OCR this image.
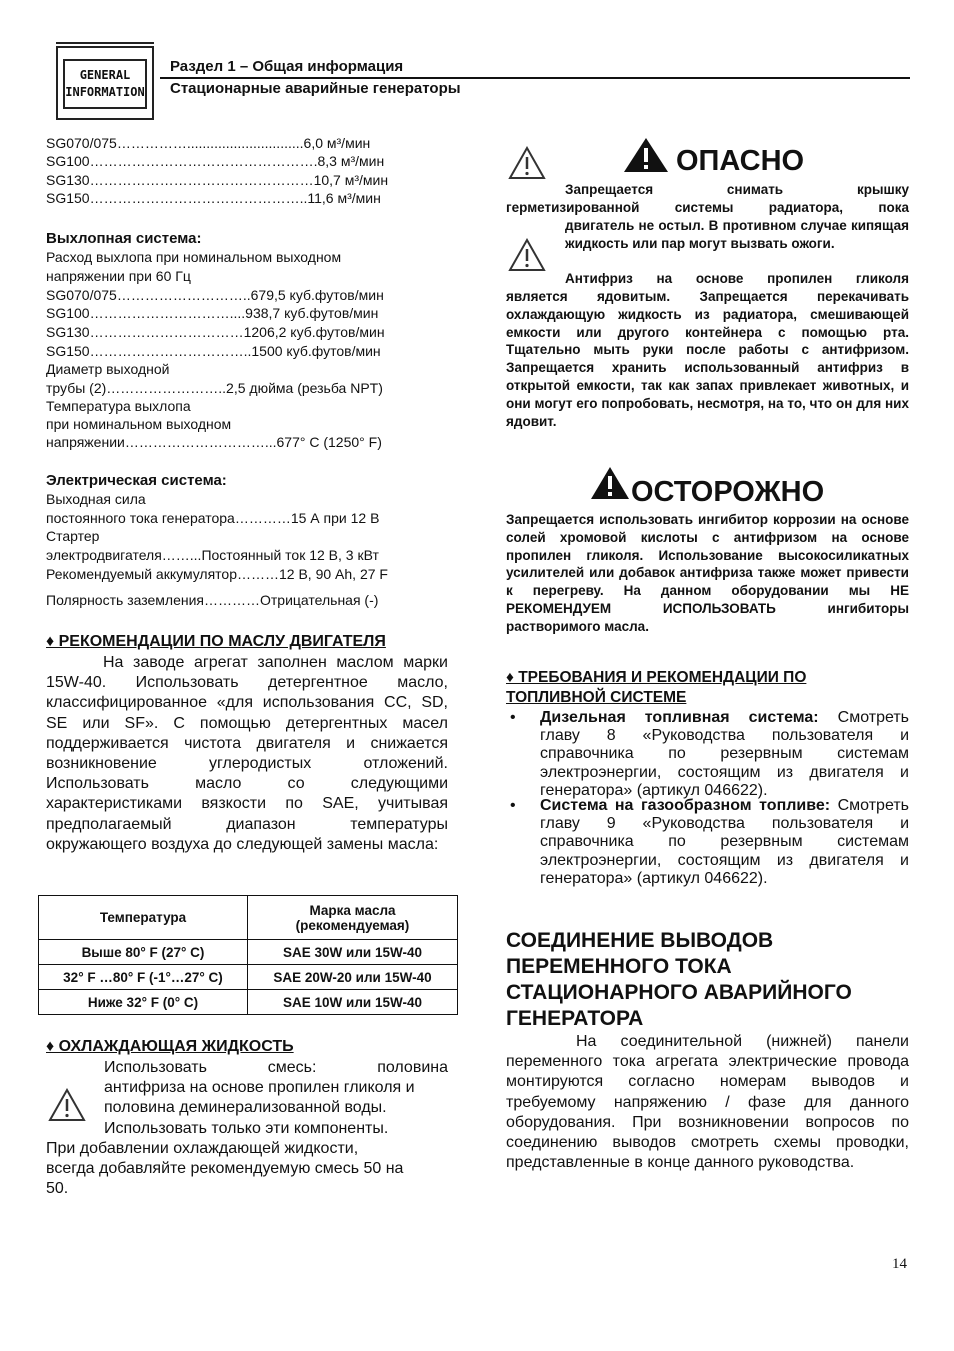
GENERAL
INFORMATION
Раздел 1 – Общая информация
Стационарные аварийные генераторы
SG070/075……………..............................6,0 м³/мин
SG100………………………………………….8,3 м³/мин
SG130…………………………………………10,7 м³/мин
SG150………………………………………..11,6 м³/мин
Выхлопная система:
Расход выхлопа при номинальном выходном
напряжении при 60 Гц
SG070/075………………………..679,5 куб.футов/мин
SG100…………………………....938,7 куб.футов/мин
SG130……………………………1206,2 куб.футов/мин
SG150……………………………..1500 куб.футов/мин
Диаметр выходной
трубы (2)……………………..2,5 дюйма (резьба NPT)
Температура выхлопа
при номинальном выходном
напряжении…………………………...677° С (1250° F)
Электрическая система:
Выходная сила
постоянного тока генератора…………15 А при 12 В
Стартер
электродвигателя……...Постоянный ток 12 В, 3 кВт
Рекомендуемый аккумулятор………12 В, 90 Ah, 27 F
Полярность заземления…………Отрицательная (-)
♦ РЕКОМЕНДАЦИИ ПО МАСЛУ ДВИГАТЕЛЯ
На заводе агрегат заполнен маслом марки 15W-40. Использовать детергентное масло, классифицированное «для использования CC, SD, SE или SF». С помощью детергентных масел поддерживается чистота двигателя и снижается возникновение углеродистых отложений. Использовать масло со следующими характеристиками вязкости по SAE, учитывая предполагаемый диапазон температуры окружающего воздуха до следующей замены масла:
Температура	Марка масла (рекомендуемая)
Выше 80° F (27° C)	SAE 30W или 15W-40
32° F …80° F (-1°…27° C)	SAE 20W-20 или 15W-40
Ниже 32° F (0° C)	SAE 10W или 15W-40
♦ ОХЛАЖДАЮЩАЯ ЖИДКОСТЬ
Использовать	смесь:	половина
антифриза на основе пропилен гликоля и
половина деминерализованной воды.
Использовать только эти компоненты.
При добавлении охлаждающей жидкости,
всегда добавляйте рекомендуемую смесь 50 на
50.
ОПАСНО
Запрещается снимать крышку
герметизированной системы радиатора, пока
двигатель не остыл. В противном случае кипящая жидкость или пар могут вызвать ожоги.
Антифриз на основе пропилен гликоля
является ядовитым. Запрещается перекачивать охлаждающую жидкость из радиатора, смешивающей емкости или другого контейнера с помощью рта. Тщательно мыть руки после работы с антифризом. Запрещается хранить использованный антифриз в открытой емкости, так как запах привлекает животных, и они могут его попробовать, несмотря, на то, что он для них ядовит.
ОСТОРОЖНО
Запрещается использовать ингибитор коррозии на основе солей хромовой кислоты с антифризом на основе пропилен гликоля. Использование высокосиликатных усилителей или добавок антифриза также может привести к перегреву. На данном оборудовании мы НЕ РЕКОМЕНДУЕМ ИСПОЛЬЗОВАТЬ ингибиторы растворимого масла.
♦ ТРЕБОВАНИЯ И РЕКОМЕНДАЦИИ ПО
ТОПЛИВНОЙ СИСТЕМЕ
• Дизельная топливная система: Смотреть главу 8 «Руководства пользователя и справочника по резервным системам электроэнергии, состоящим из двигателя и генератора» (артикул 046622).
• Система на газообразном топливе: Смотреть главу 9 «Руководства пользователя и справочника по резервным системам электроэнергии, состоящим из двигателя и генератора» (артикул 046622).
СОЕДИНЕНИЕ ВЫВОДОВ
ПЕРЕМЕННОГО ТОКА
СТАЦИОНАРНОГО АВАРИЙНОГО
ГЕНЕРАТОРА
На соединительной (нижней) панели переменного тока агрегата электрические провода монтируются согласно номерам выводов и требуемому напряжению / фазе для данного оборудования. При возникновении вопросов по соединению выводов смотреть схемы проводки, представленные в конце данного руководства.
14
